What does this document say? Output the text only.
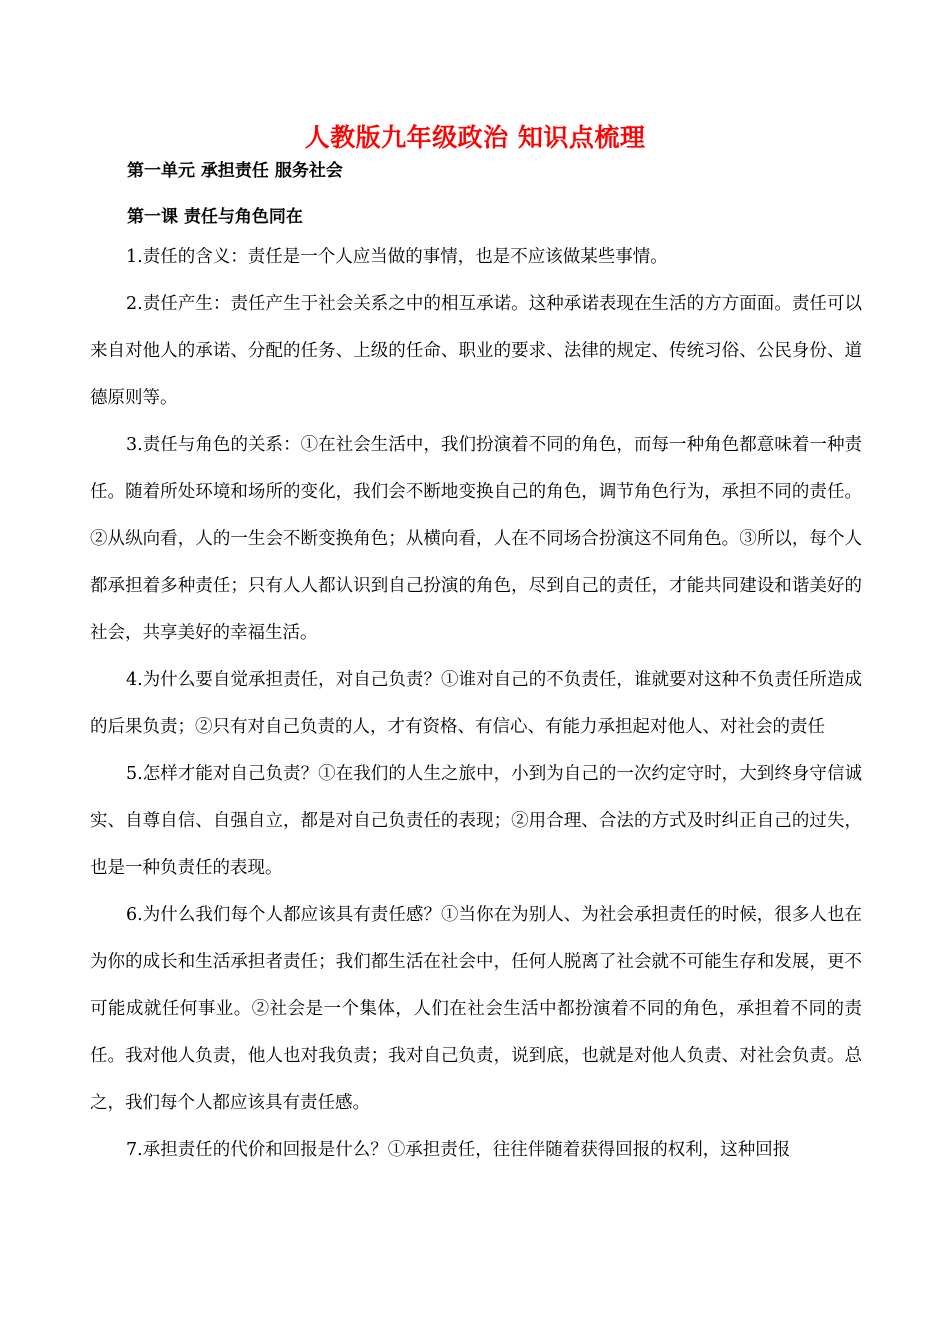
人教版九年级政治 知识点梳理
第一单元 承担责任 服务社会
第一课 责任与角色同在

1.责任的含义：责任是一个人应当做的事情，也是不应该做某些事情。

2.责任产生：责任产生于社会关系之中的相互承诺。这种承诺表现在生活的方方面面。责任可以来自对他人的承诺、分配的任务、上级的任命、职业的要求、法律的规定、传统习俗、公民身份、道德原则等。

3.责任与角色的关系：①在社会生活中，我们扮演着不同的角色，而每一种角色都意味着一种责任。随着所处环境和场所的变化，我们会不断地变换自己的角色，调节角色行为，承担不同的责任。②从纵向看，人的一生会不断变换角色；从横向看，人在不同场合扮演这不同角色。③所以，每个人都承担着多种责任；只有人人都认识到自己扮演的角色，尽到自己的责任，才能共同建设和谐美好的社会，共享美好的幸福生活。

4.为什么要自觉承担责任，对自己负责？①谁对自己的不负责任，谁就要对这种不负责任所造成的后果负责；②只有对自己负责的人，才有资格、有信心、有能力承担起对他人、对社会的责任

5.怎样才能对自己负责？①在我们的人生之旅中，小到为自己的一次约定守时，大到终身守信诚实、自尊自信、自强自立，都是对自己负责任的表现；②用合理、合法的方式及时纠正自己的过失，也是一种负责任的表现。

6.为什么我们每个人都应该具有责任感？①当你在为别人、为社会承担责任的时候，很多人也在为你的成长和生活承担者责任；我们都生活在社会中，任何人脱离了社会就不可能生存和发展，更不可能成就任何事业。②社会是一个集体，人们在社会生活中都扮演着不同的角色，承担着不同的责任。我对他人负责，他人也对我负责；我对自己负责，说到底，也就是对他人负责、对社会负责。总之，我们每个人都应该具有责任感。

7.承担责任的代价和回报是什么？①承担责任，往往伴随着获得回报的权利，这种回报
